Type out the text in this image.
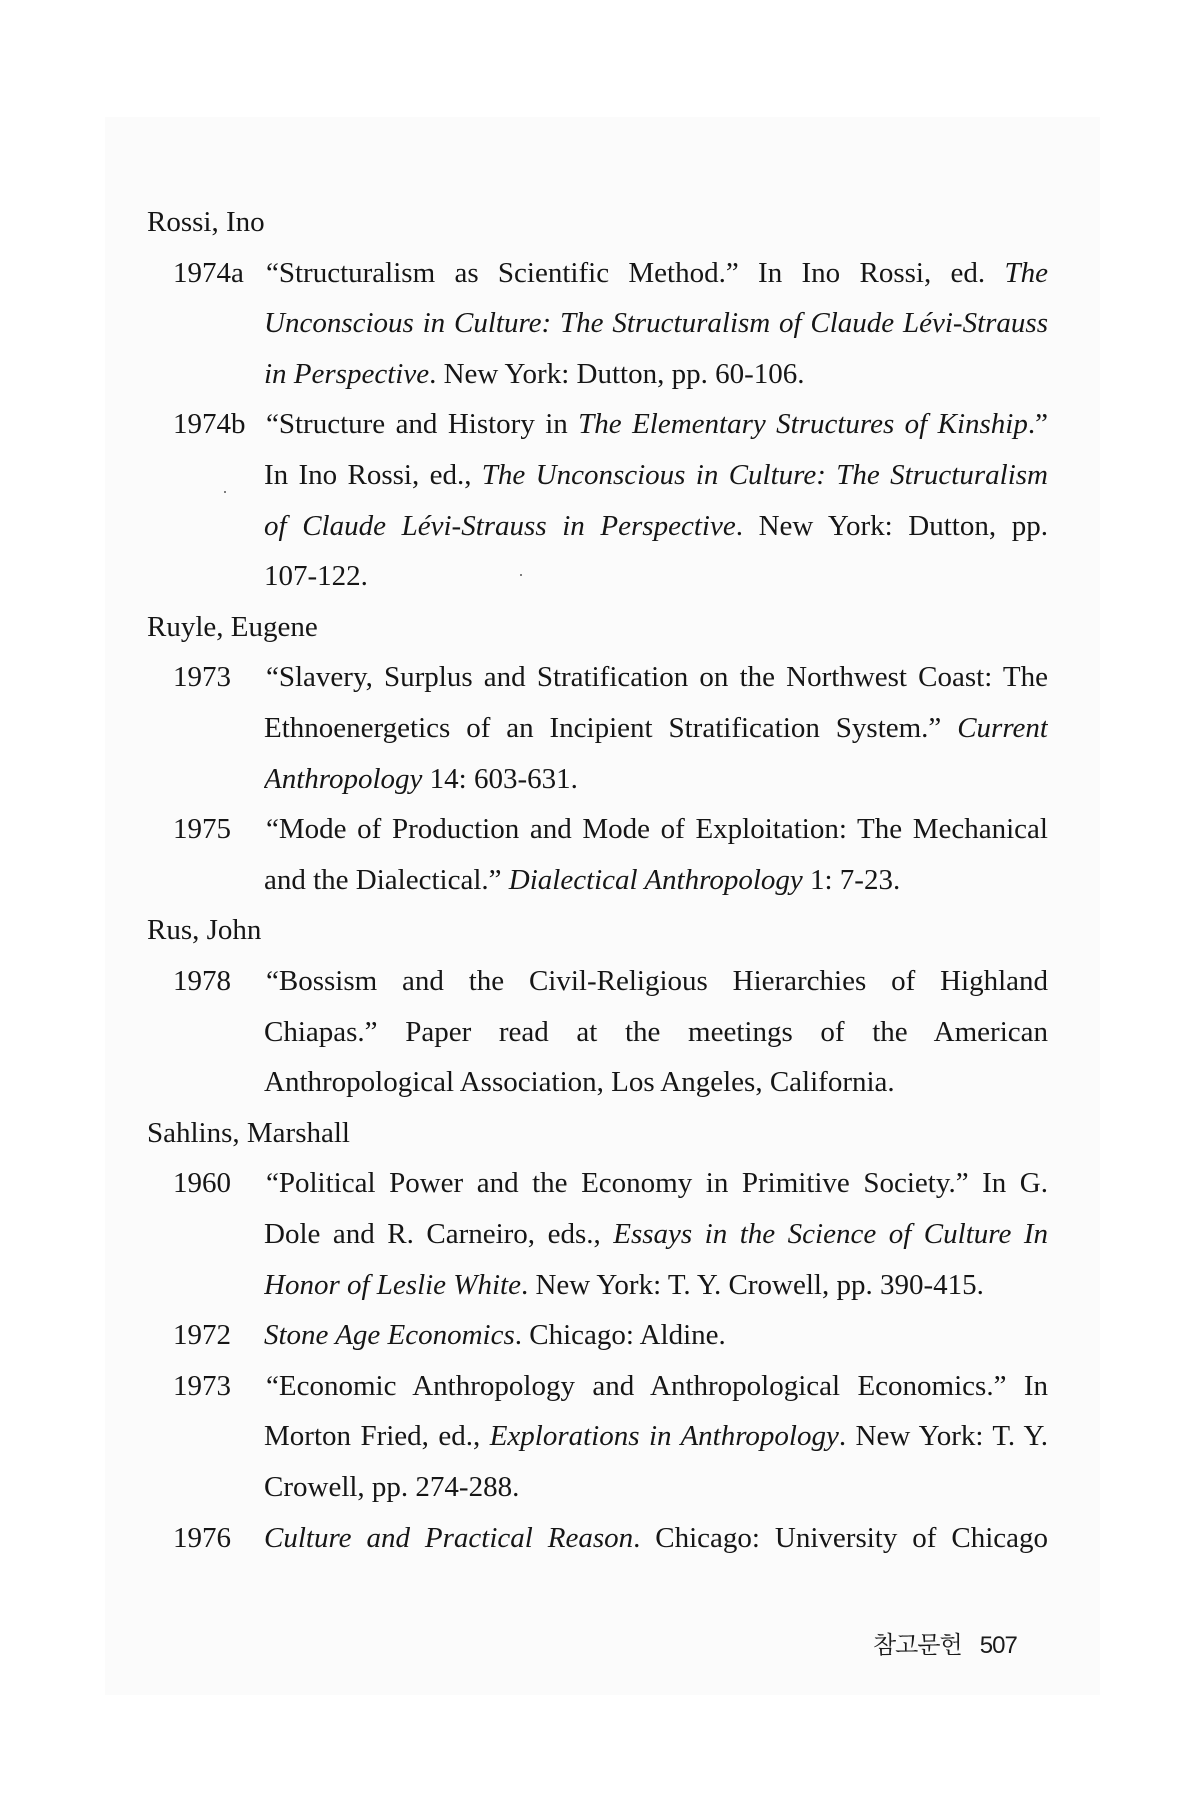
Rossi, Ino
1974a “Structuralism as Scientific Method.” In Ino Rossi, ed. The
Unconscious in Culture: The Structuralism of Claude Lévi-Strauss
in Perspective. New York: Dutton, pp. 60-106.
1974b “Structure and History in The Elementary Structures of Kinship.”
In Ino Rossi, ed., The Unconscious in Culture: The Structuralism
of Claude Lévi-Strauss in Perspective. New York: Dutton, pp.
107-122.
Ruyle, Eugene
1973 “Slavery, Surplus and Stratification on the Northwest Coast: The
Ethnoenergetics of an Incipient Stratification System.” Current
Anthropology 14: 603-631.
1975 “Mode of Production and Mode of Exploitation: The Mechanical
and the Dialectical.” Dialectical Anthropology 1: 7-23.
Rus, John
1978 “Bossism and the Civil-Religious Hierarchies of Highland
Chiapas.” Paper read at the meetings of the American
Anthropological Association, Los Angeles, California.
Sahlins, Marshall
1960 “Political Power and the Economy in Primitive Society.” In G.
Dole and R. Carneiro, eds., Essays in the Science of Culture In
Honor of Leslie White. New York: T. Y. Crowell, pp. 390-415.
1972 Stone Age Economics. Chicago: Aldine.
1973 “Economic Anthropology and Anthropological Economics.” In
Morton Fried, ed., Explorations in Anthropology. New York: T. Y.
Crowell, pp. 274-288.
1976 Culture and Practical Reason. Chicago: University of Chicago
참고문헌 507
